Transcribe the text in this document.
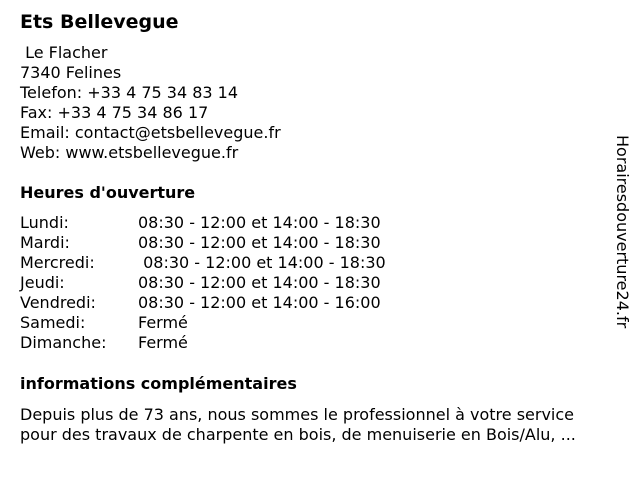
Ets Bellevegue
Le Flacher
7340 Felines
Telefon: +33 4 75 34 83 14
Fax: +33 4 75 34 86 17
Email: contact@etsbellevegue.fr
Web: www.etsbellevegue.fr
Heures d'ouverture
Lundi:	08:30 - 12:00 et 14:00 - 18:30
Mardi:	08:30 - 12:00 et 14:00 - 18:30
Mercredi:	08:30 - 12:00 et 14:00 - 18:30
Jeudi:	08:30 - 12:00 et 14:00 - 18:30
Vendredi:	08:30 - 12:00 et 14:00 - 16:00
Samedi:	Fermé
Dimanche:	Fermé
informations complémentaires
Depuis plus de 73 ans, nous sommes le professionnel à votre service
pour des travaux de charpente en bois, de menuiserie en Bois/Alu, ...
Horairesdouverture24.fr
